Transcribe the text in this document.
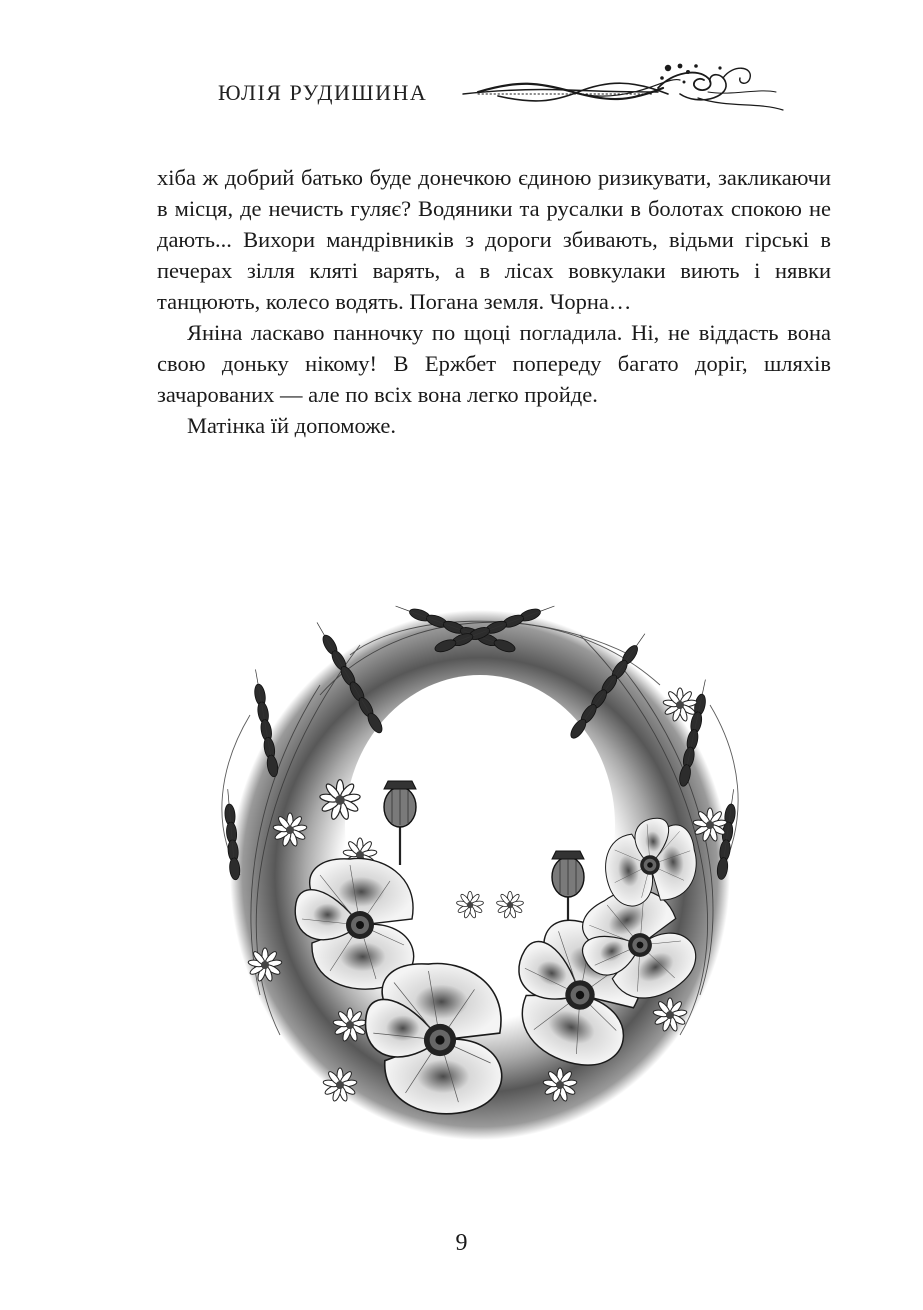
ЮЛІЯ РУДИШИНА

хіба ж добрий батько буде донечкою єдиною ризикувати, закликаючи в місця, де нечисть гуляє? Водяники та русалки в болотах спокою не дають... Вихори мандрівників з дороги збивають, відьми гірські в печерах зілля кляті варять, а в лісах вовкулаки виють і нявки танцюють, колесо водять. Погана земля. Чорна…

Яніна ласкаво панночку по щоці погладила. Ні, не віддасть вона свою доньку нікому! В Ержбет попереду багато доріг, шляхів зачарованих — але по всіх вона легко пройде.

Матінка їй допоможе.

9
